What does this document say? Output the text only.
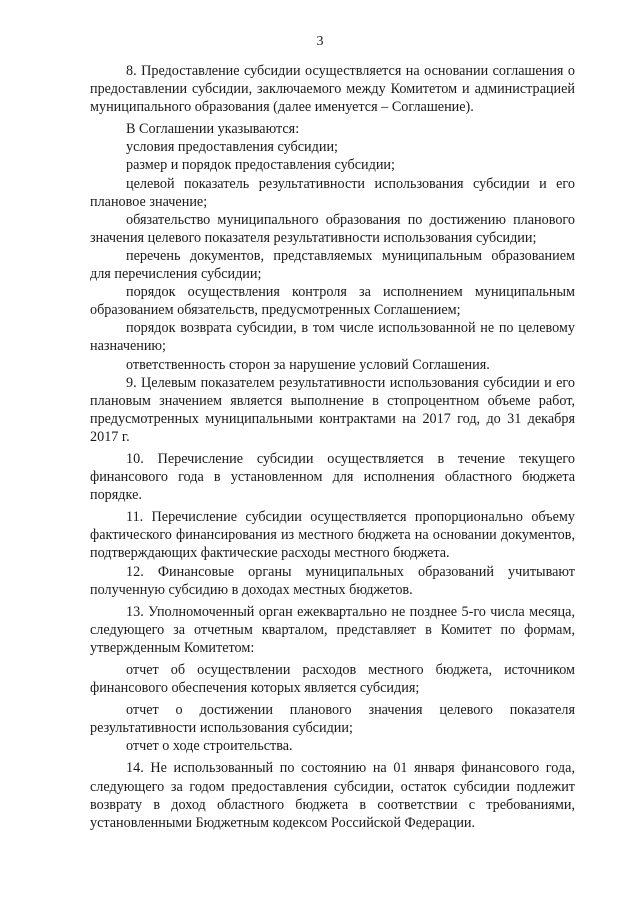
3

8. Предоставление субсидии осуществляется на основании соглашения о предоставлении субсидии, заключаемого между Комитетом и администрацией муниципального образования (далее именуется – Соглашение).

В Соглашении указываются:

условия предоставления субсидии;

размер и порядок предоставления субсидии;

целевой показатель результативности использования субсидии и его плановое значение;

обязательство муниципального образования по достижению планового значения целевого показателя результативности использования субсидии;

перечень документов, представляемых муниципальным образованием для перечисления субсидии;

порядок осуществления контроля за исполнением муниципальным образованием обязательств, предусмотренных Соглашением;

порядок возврата субсидии, в том числе использованной не по целевому назначению;

ответственность сторон за нарушение условий Соглашения.

9. Целевым показателем результативности использования субсидии и его плановым значением является выполнение в стопроцентном объеме работ, предусмотренных муниципальными контрактами на 2017 год, до 31 декабря 2017 г.

10. Перечисление субсидии осуществляется в течение текущего финансового года в установленном для исполнения областного бюджета порядке.

11. Перечисление субсидии осуществляется пропорционально объему фактического финансирования из местного бюджета на основании документов, подтверждающих фактические расходы местного бюджета.

12. Финансовые органы муниципальных образований учитывают полученную субсидию в доходах местных бюджетов.

13. Уполномоченный орган ежеквартально не позднее 5-го числа месяца, следующего за отчетным кварталом, представляет в Комитет по формам, утвержденным Комитетом:

отчет об осуществлении расходов местного бюджета, источником финансового обеспечения которых является субсидия;

отчет о достижении планового значения целевого показателя результативности использования субсидии;

отчет о ходе строительства.

14. Не использованный по состоянию на 01 января финансового года, следующего за годом предоставления субсидии, остаток субсидии подлежит возврату в доход областного бюджета в соответствии с требованиями, установленными Бюджетным кодексом Российской Федерации.
